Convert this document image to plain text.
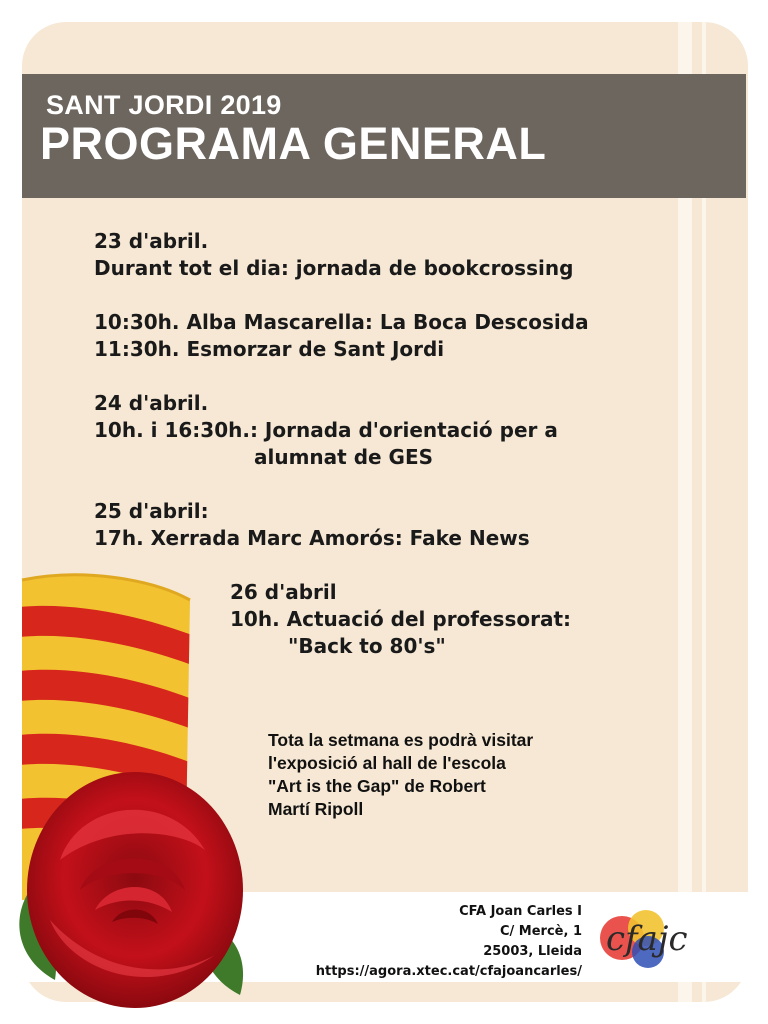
SANT JORDI 2019
PROGRAMA GENERAL
23 d'abril.
Durant tot el dia: jornada de bookcrossing
10:30h. Alba Mascarella: La Boca Descosida
11:30h. Esmorzar de Sant Jordi
24 d'abril.
10h. i 16:30h.: Jornada d'orientació per a
alumnat de GES
25 d'abril:
17h. Xerrada Marc Amorós: Fake News
26 d'abril
10h. Actuació del professorat:
"Back to 80's"
Tota la setmana es podrà visitar
l'exposició al hall de l'escola
"Art is the Gap" de Robert
Martí Ripoll
CFA Joan Carles I
C/ Mercè, 1
25003, Lleida
https://agora.xtec.cat/cfajoancarles/
cfajc
